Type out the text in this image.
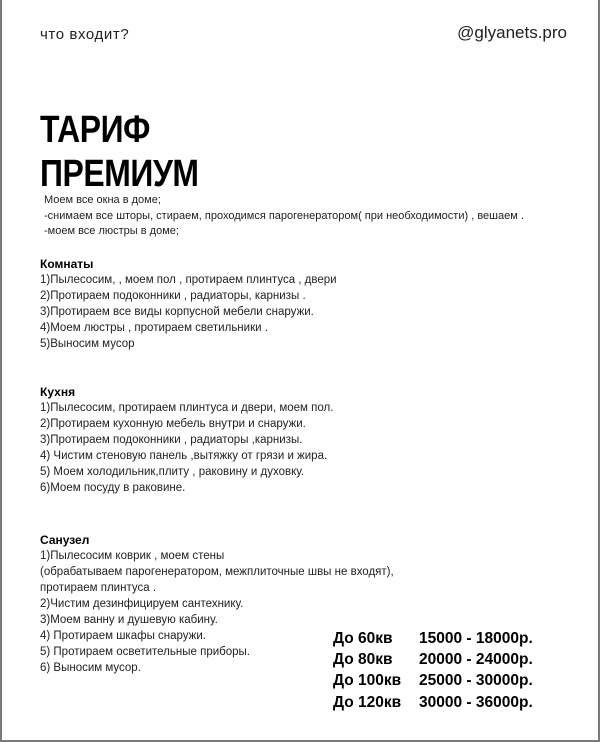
что входит?	@glyanets.pro
ТАРИФ
ПРЕМИУМ
Моем все окна в доме;
-снимаем все шторы, стираем, проходимся парогенератором( при необходимости) , вешаем .
-моем все люстры в доме;
Комнаты
1)Пылесосим, , моем пол , протираем плинтуса , двери
2)Протираем подоконники , радиаторы, карнизы .
3)Протираем все виды корпусной мебели снаружи.
4)Моем люстры , протираем светильники .
5)Выносим мусор
Кухня
1)Пылесосим, протираем плинтуса и двери, моем пол.
2)Протираем кухонную мебель внутри и снаружи.
3)Протираем подоконники , радиаторы ,карнизы.
4) Чистим стеновую панель ,вытяжку от грязи и жира.
5) Моем холодильник,плиту , раковину и духовку.
6)Моем посуду в раковине.
Санузел
1)Пылесосим коврик , моем стены
(обрабатываем парогенератором, межплиточные швы не входят),
протираем плинтуса .
2)Чистим дезинфицируем сантехнику.
3)Моем ванну и душевую кабину.
4) Протираем шкафы снаружи.
5) Протираем осветительные приборы.
6) Выносим мусор.
До 60кв 15000 - 18000р.
До 80кв 20000 - 24000р.
До 100кв 25000 - 30000р.
До 120кв 30000 - 36000р.
